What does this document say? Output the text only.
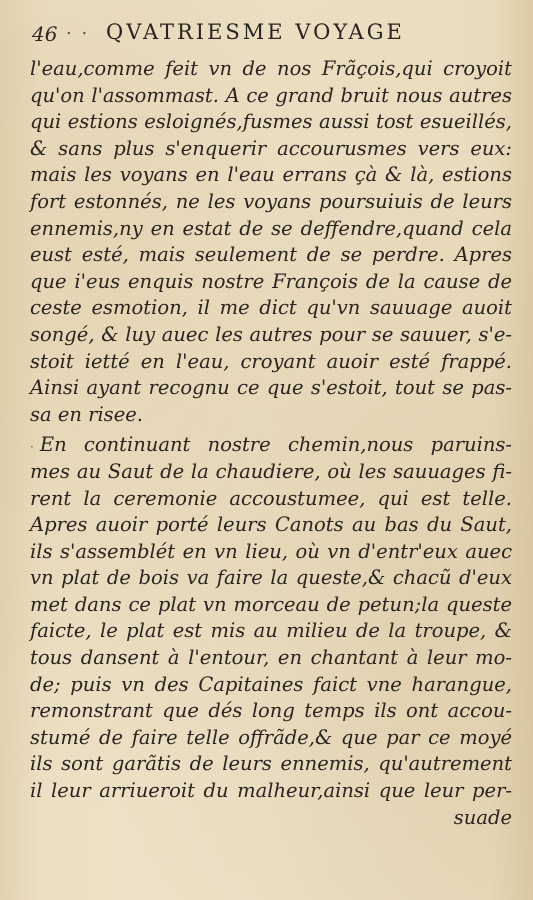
46 . . QVATRIESME VOYAGE
l'eau,comme feit vn de nos Frãçois,qui croyoit
qu'on l'assommast. A ce grand bruit nous autres
qui estions esloignés,fusmes aussi tost esueillés,
& sans plus s'enquerir accourusmes vers eux:
mais les voyans en l'eau errans çà & là, estions
fort estonnés, ne les voyans poursuiuis de leurs
ennemis,ny en estat de se deffendre,quand cela
eust esté, mais seulement de se perdre. Apres
que i'eus enquis nostre François de la cause de
ceste esmotion, il me dict qu'vn sauuage auoit
songé, & luy auec les autres pour se sauuer, s'e-
stoit ietté en l'eau, croyant auoir esté frappé.
Ainsi ayant recognu ce que s'estoit, tout se pas-
sa en risee.
· En continuant nostre chemin,nous paruins-
mes au Saut de la chaudiere, où les sauuages fi-
rent la ceremonie accoustumee, qui est telle.
Apres auoir porté leurs Canots au bas du Saut,
ils s'assemblét en vn lieu, où vn d'entr'eux auec
vn plat de bois va faire la queste,& chacũ d'eux
met dans ce plat vn morceau de petun;la queste
faicte, le plat est mis au milieu de la troupe, &
tous dansent à l'entour, en chantant à leur mo-
de; puis vn des Capitaines faict vne harangue,
remonstrant que dés long temps ils ont accou-
stumé de faire telle offrãde,& que par ce moyé
ils sont garãtis de leurs ennemis, qu'autrement
il leur arriueroit du malheur,ainsi que leur per-
suade
